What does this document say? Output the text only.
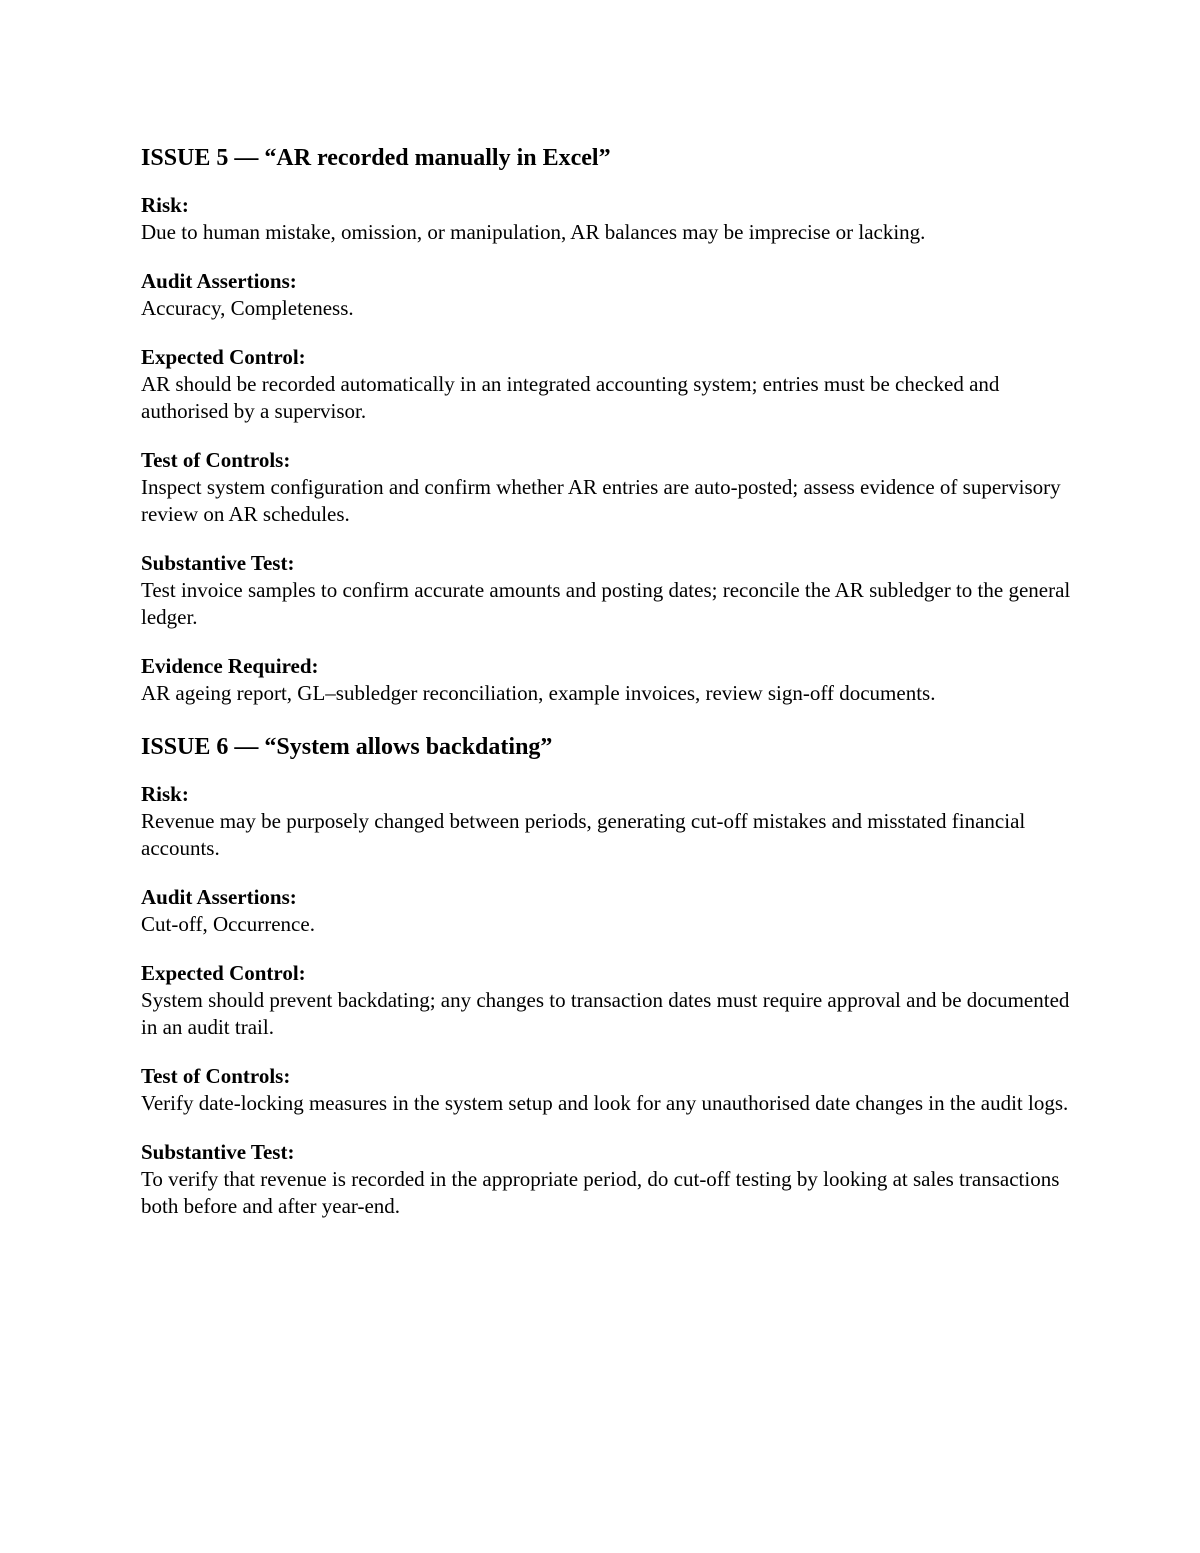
ISSUE 5 — “AR recorded manually in Excel”
Risk:
Due to human mistake, omission, or manipulation, AR balances may be imprecise or lacking.
Audit Assertions:
Accuracy, Completeness.
Expected Control:
AR should be recorded automatically in an integrated accounting system; entries must be checked and authorised by a supervisor.
Test of Controls:
Inspect system configuration and confirm whether AR entries are auto-posted; assess evidence of supervisory review on AR schedules.
Substantive Test:
Test invoice samples to confirm accurate amounts and posting dates; reconcile the AR subledger to the general ledger.
Evidence Required:
AR ageing report, GL–subledger reconciliation, example invoices, review sign-off documents.
ISSUE 6 — “System allows backdating”
Risk:
Revenue may be purposely changed between periods, generating cut-off mistakes and misstated financial accounts.
Audit Assertions:
Cut-off, Occurrence.
Expected Control:
System should prevent backdating; any changes to transaction dates must require approval and be documented in an audit trail.
Test of Controls:
Verify date-locking measures in the system setup and look for any unauthorised date changes in the audit logs.
Substantive Test:
To verify that revenue is recorded in the appropriate period, do cut-off testing by looking at sales transactions both before and after year-end.
